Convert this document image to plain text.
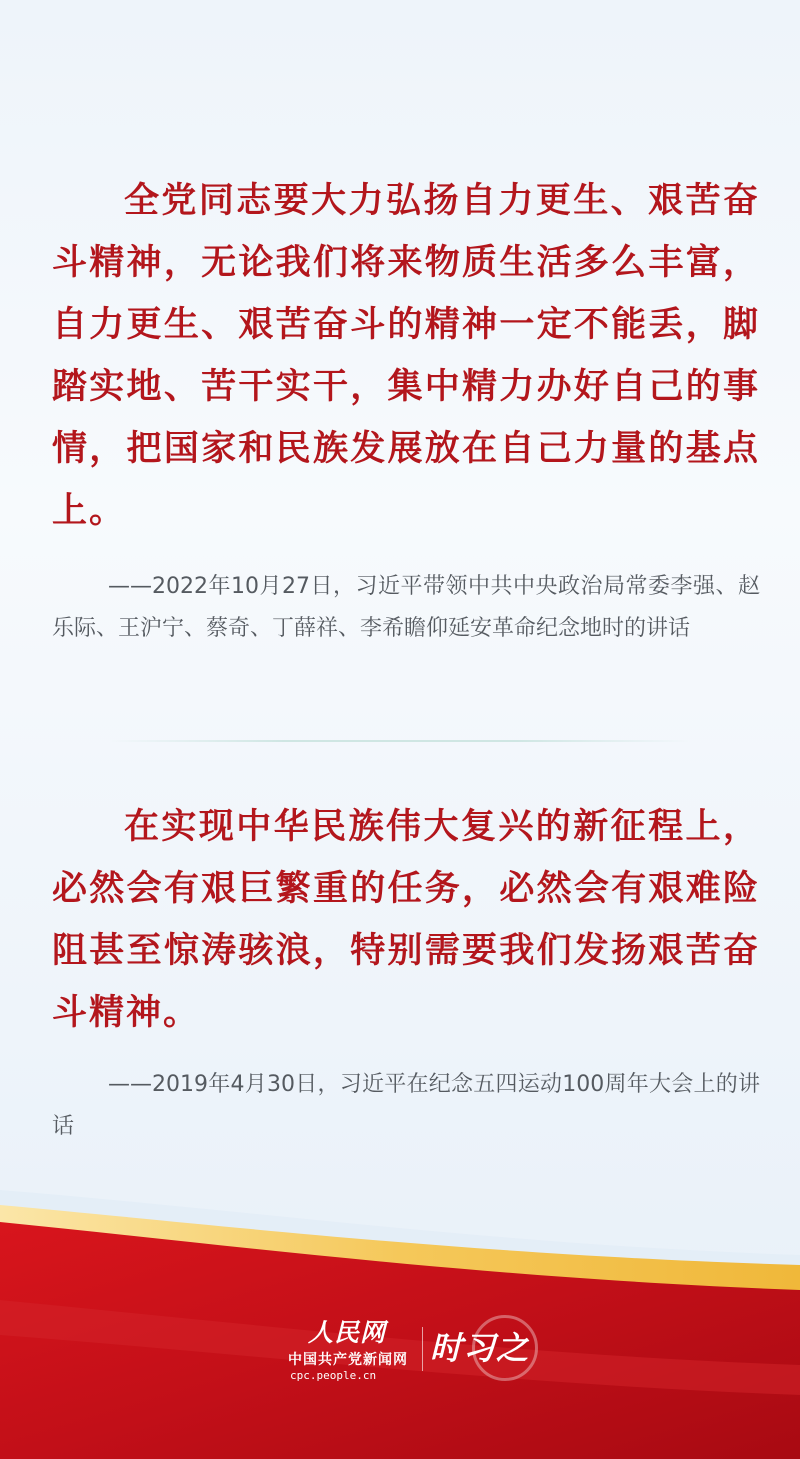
全党同志要大力弘扬自力更生、艰苦奋斗精神，无论我们将来物质生活多么丰富，自力更生、艰苦奋斗的精神一定不能丢，脚踏实地、苦干实干，集中精力办好自己的事情，把国家和民族发展放在自己力量的基点上。

——2022年10月27日，习近平带领中共中央政治局常委李强、赵乐际、王沪宁、蔡奇、丁薛祥、李希瞻仰延安革命纪念地时的讲话

在实现中华民族伟大复兴的新征程上，必然会有艰巨繁重的任务，必然会有艰难险阻甚至惊涛骇浪，特别需要我们发扬艰苦奋斗精神。

——2019年4月30日，习近平在纪念五四运动100周年大会上的讲话

人民网
中国共产党新闻网
cpc.people.cn
时习之
